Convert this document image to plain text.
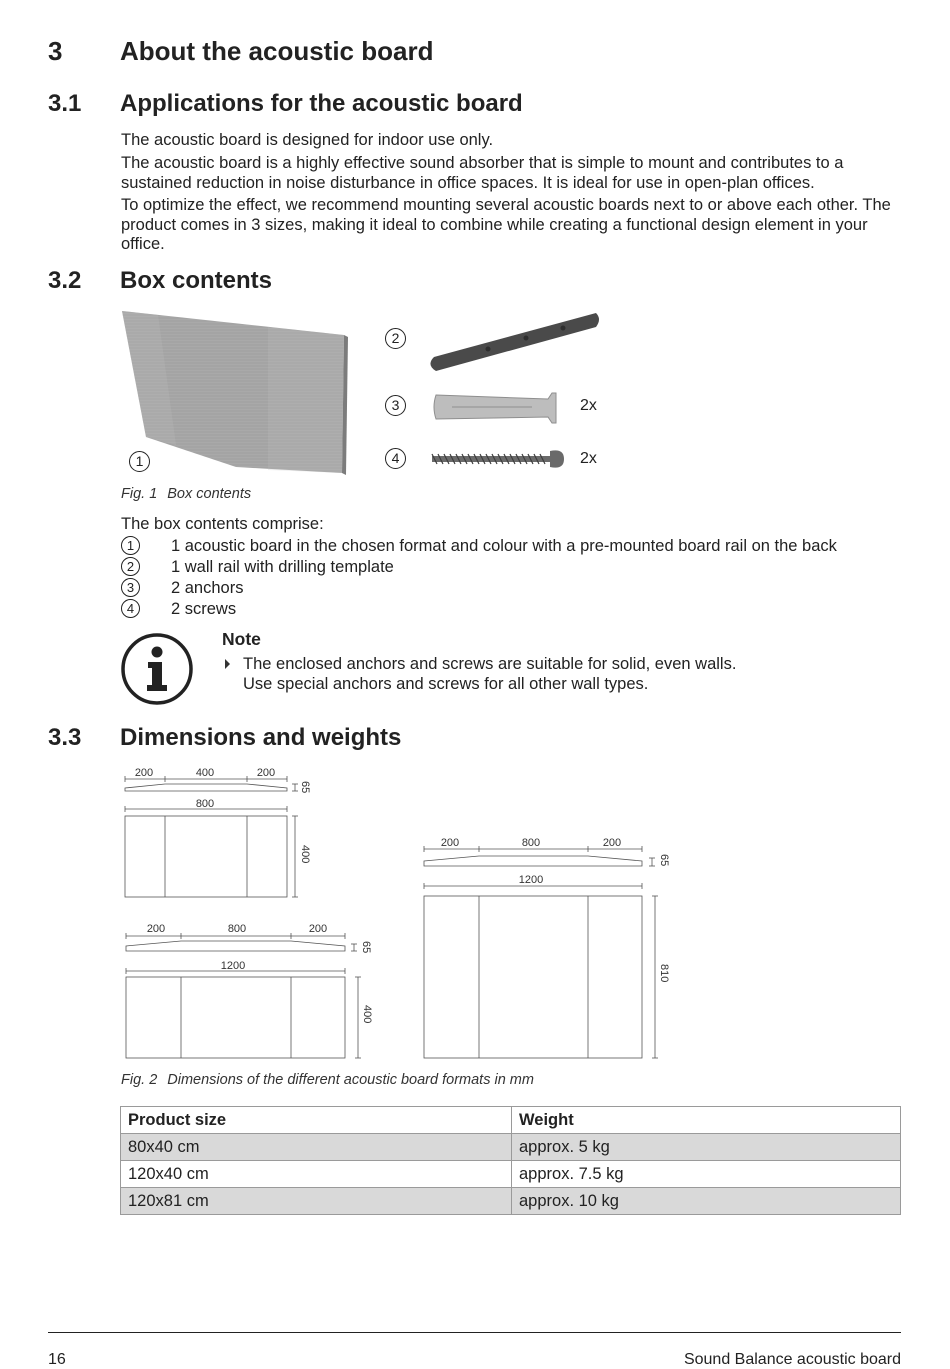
3 About the acoustic board
3.1 Applications for the acoustic board

The acoustic board is designed for indoor use only.

The acoustic board is a highly effective sound absorber that is simple to mount and contributes to a sustained reduction in noise disturbance in office spaces. It is ideal for use in open-plan offices.

To optimize the effect, we recommend mounting several acoustic boards next to or above each other. The product comes in 3 sizes, making it ideal to combine while creating a functional design element in your office.

3.2 Box contents
1
2
3
4
2x
2x
Fig. 1 Box contents
The box contents comprise:
1	1 acoustic board in the chosen format and colour with a pre-mounted board rail on the back
2	1 wall rail with drilling template
3	2 anchors
4	2 screws
Note
The enclosed anchors and screws are suitable for solid, even walls.
Use special anchors and screws for all other wall types.
3.3 Dimensions and weights
200	400	200
65
800
400
200	800	200
65
1200
400
200	800	200
65
1200
810
Fig. 2 Dimensions of the different acoustic board formats in mm
Product size	Weight
80x40 cm	approx. 5 kg
120x40 cm	approx. 7.5 kg
120x81 cm	approx. 10 kg
16	Sound Balance acoustic board
